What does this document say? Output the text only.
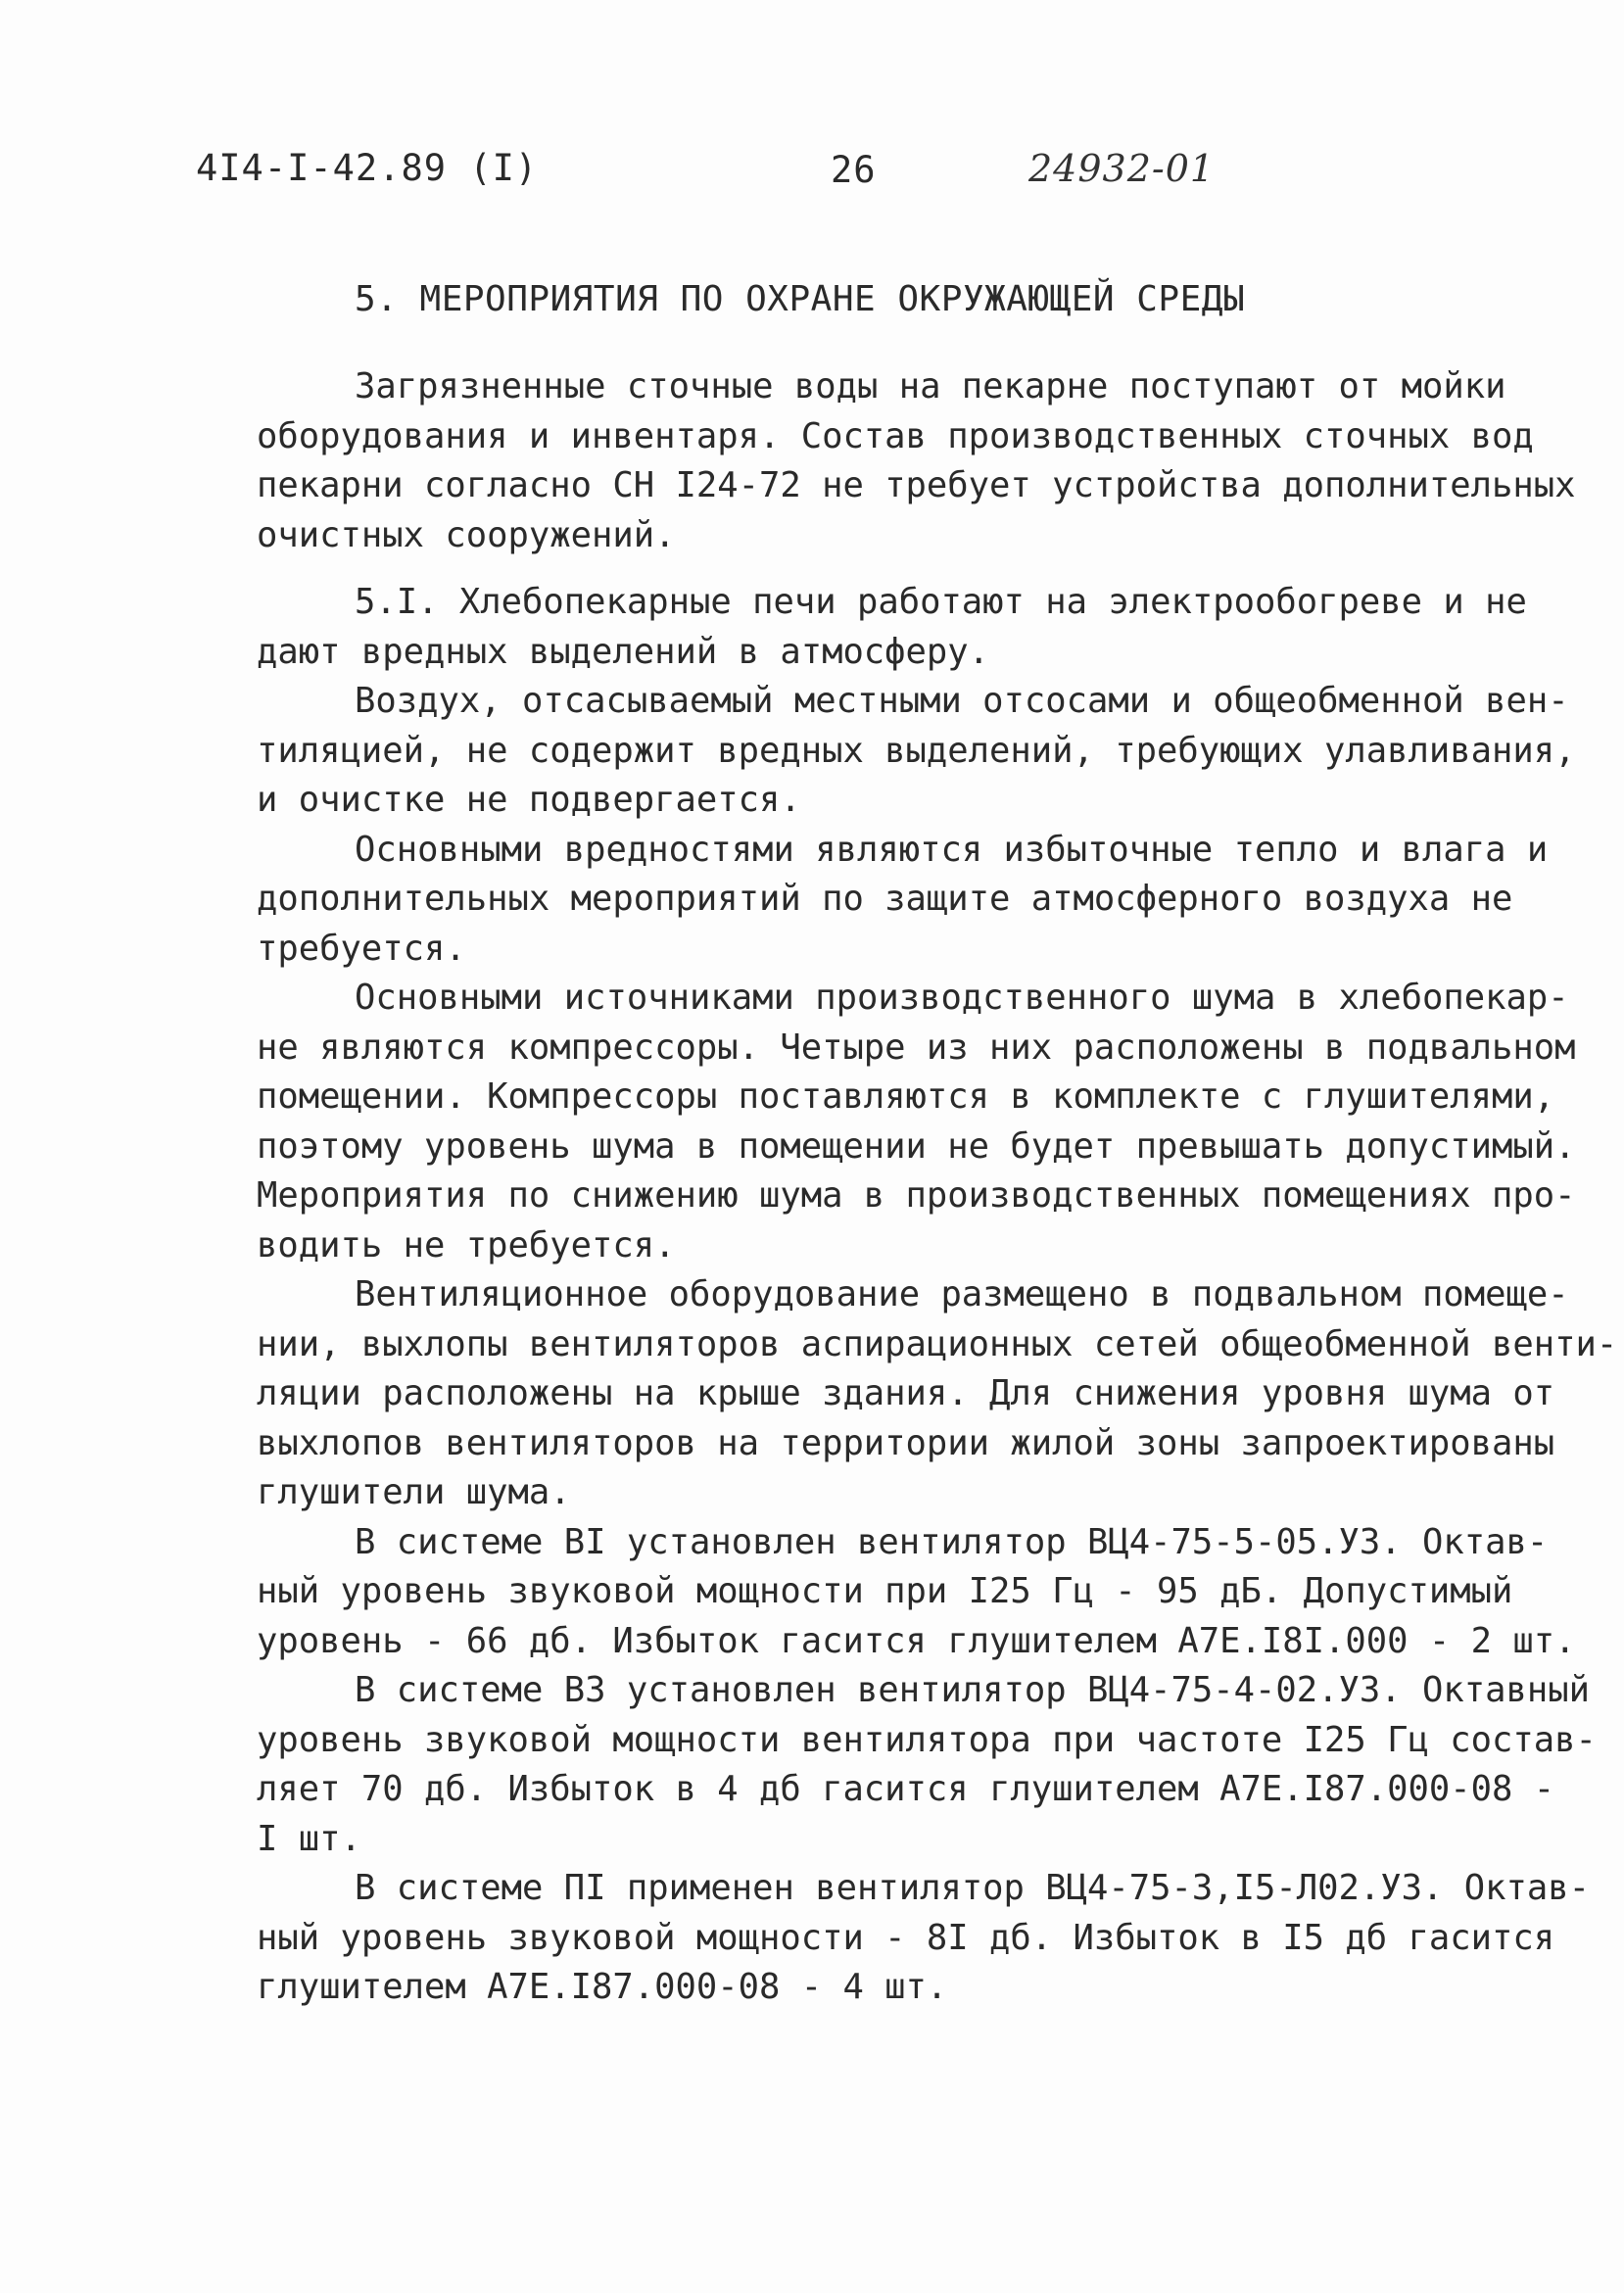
4I4-I-42.89 (I)	26	24932-01
5. МЕРОПРИЯТИЯ ПО ОХРАНЕ ОКРУЖАЮЩЕЙ СРЕДЫ
Загрязненные сточные воды на пекарне поступают от мойки
оборудования и инвентаря. Состав производственных сточных вод
пекарни согласно СН I24-72 не требует устройства дополнительных
очистных сооружений.
5.I. Хлебопекарные печи работают на электрообогреве и не
дают вредных выделений в атмосферу.
Воздух, отсасываемый местными отсосами и общеобменной вен-
тиляцией, не содержит вредных выделений, требующих улавливания,
и очистке не подвергается.
Основными вредностями являются избыточные тепло и влага и
дополнительных мероприятий по защите атмосферного воздуха не
требуется.
Основными источниками производственного шума в хлебопекар-
не являются компрессоры. Четыре из них расположены в подвальном
помещении. Компрессоры поставляются в комплекте с глушителями,
поэтому уровень шума в помещении не будет превышать допустимый.
Мероприятия по снижению шума в производственных помещениях про-
водить не требуется.
Вентиляционное оборудование размещено в подвальном помеще-
нии, выхлопы вентиляторов аспирационных сетей общеобменной венти-
ляции расположены на крыше здания. Для снижения уровня шума от
выхлопов вентиляторов на территории жилой зоны запроектированы
глушители шума.
В системе BI установлен вентилятор ВЦ4-75-5-05.У3. Октав-
ный уровень звуковой мощности при I25 Гц - 95 дБ. Допустимый
уровень - 66 дб. Избыток гасится глушителем А7Е.I8I.000 - 2 шт.
В системе В3 установлен вентилятор ВЦ4-75-4-02.У3. Октавный
уровень звуковой мощности вентилятора при частоте I25 Гц состав-
ляет 70 дб. Избыток в 4 дб гасится глушителем А7Е.I87.000-08 -
I шт.
В системе ПI применен вентилятор ВЦ4-75-3,I5-Л02.У3. Октав-
ный уровень звуковой мощности - 8I дб. Избыток в I5 дб гасится
глушителем А7Е.I87.000-08 - 4 шт.
